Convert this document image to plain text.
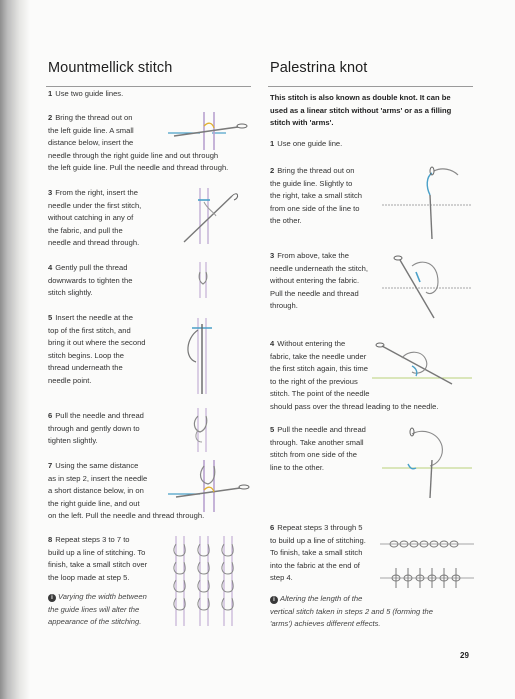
Mountmellick stitch

1 Use two guide lines.

2 Bring the thread out on
the left guide line. A small
distance below, insert the
needle through the right guide line and out through
the left guide line. Pull the needle and thread through.

3 From the right, insert the
needle under the first stitch,
without catching in any of
the fabric, and pull the
needle and thread through.

4 Gently pull the thread
downwards to tighten the
stitch slightly.

5 Insert the needle at the
top of the first stitch, and
bring it out where the second
stitch begins. Loop the
thread underneath the
needle point.

6 Pull the needle and thread
through and gently down to
tighten slightly.

7 Using the same distance
as in step 2, insert the needle
a short distance below, in on
the right guide line, and out
on the left. Pull the needle and thread through.

8 Repeat steps 3 to 7 to
build up a line of stitching. To
finish, take a small stitch over
the loop made at step 5.

i Varying the width between
the guide lines will alter the
appearance of the stitching.

Palestrina knot

This stitch is also known as double knot. It can be
used as a linear stitch without 'arms' or as a filling
stitch with 'arms'.

1 Use one guide line.

2 Bring the thread out on
the guide line. Slightly to
the right, take a small stitch
from one side of the line to
the other.

3 From above, take the
needle underneath the stitch,
without entering the fabric.
Pull the needle and thread
through.

4 Without entering the
fabric, take the needle under
the first stitch again, this time
to the right of the previous
stitch. The point of the needle
should pass over the thread leading to the needle.

5 Pull the needle and thread
through. Take another small
stitch from one side of the
line to the other.

6 Repeat steps 3 through 5
to build up a line of stitching.
To finish, take a small stitch
into the fabric at the end of
step 4.

i Altering the length of the
vertical stitch taken in steps 2 and 5 (forming the
'arms') achieves different effects.

29
